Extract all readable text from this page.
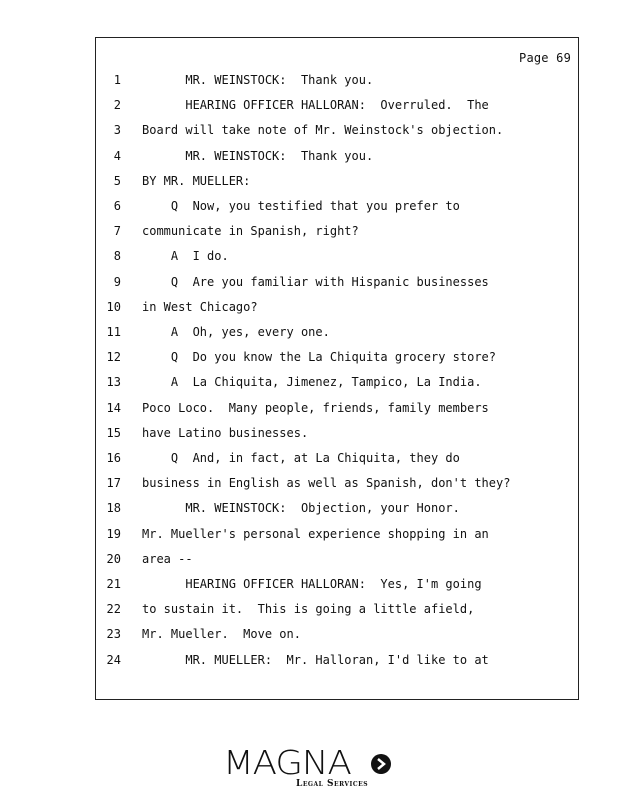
Page 69
1 MR. WEINSTOCK:  Thank you.
2 HEARING OFFICER HALLORAN:  Overruled.  The
3 Board will take note of Mr. Weinstock's objection.
4 MR. WEINSTOCK:  Thank you.
5 BY MR. MUELLER:
6 Q  Now, you testified that you prefer to
7 communicate in Spanish, right?
8 A  I do.
9 Q  Are you familiar with Hispanic businesses
10 in West Chicago?
11 A  Oh, yes, every one.
12 Q  Do you know the La Chiquita grocery store?
13 A  La Chiquita, Jimenez, Tampico, La India.
14 Poco Loco.  Many people, friends, family members
15 have Latino businesses.
16 Q  And, in fact, at La Chiquita, they do
17 business in English as well as Spanish, don't they?
18 MR. WEINSTOCK:  Objection, your Honor.
19 Mr. Mueller's personal experience shopping in an
20 area --
21 HEARING OFFICER HALLORAN:  Yes, I'm going
22 to sustain it.  This is going a little afield,
23 Mr. Mueller.  Move on.
24 MR. MUELLER:  Mr. Halloran, I'd like to at
MAGNA
Legal Services
